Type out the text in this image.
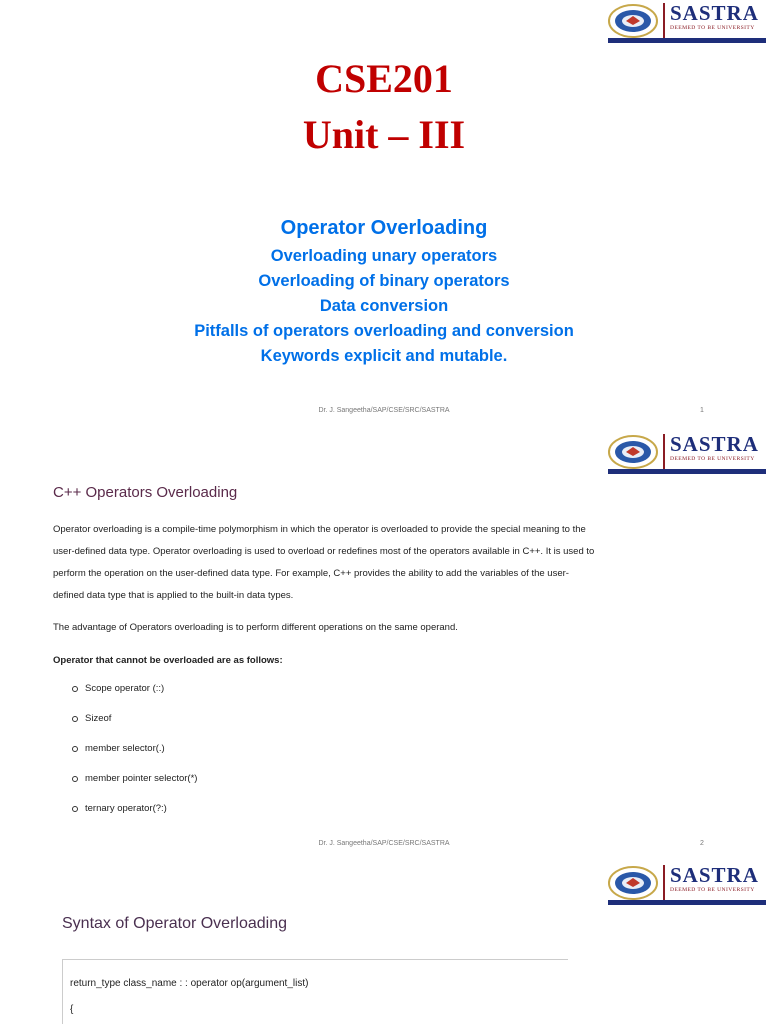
SASTRA
DEEMED TO BE UNIVERSITY
CSE201
Unit – III
Operator Overloading
Overloading unary operators
Overloading of binary operators
Data conversion
Pitfalls of operators overloading and conversion
Keywords explicit and mutable.
Dr. J. Sangeetha/SAP/CSE/SRC/SASTRA	1
SASTRA
DEEMED TO BE UNIVERSITY
C++ Operators Overloading
Operator overloading is a compile-time polymorphism in which the operator is overloaded to provide the special meaning to the
user-defined data type. Operator overloading is used to overload or redefines most of the operators available in C++. It is used to
perform the operation on the user-defined data type. For example, C++ provides the ability to add the variables of the user-
defined data type that is applied to the built-in data types.
The advantage of Operators overloading is to perform different operations on the same operand.
Operator that cannot be overloaded are as follows:
Scope operator (::)
Sizeof
member selector(.)
member pointer selector(*)
ternary operator(?:)
Dr. J. Sangeetha/SAP/CSE/SRC/SASTRA	2
SASTRA
DEEMED TO BE UNIVERSITY
Syntax of Operator Overloading
return_type class_name : : operator op(argument_list)
{
